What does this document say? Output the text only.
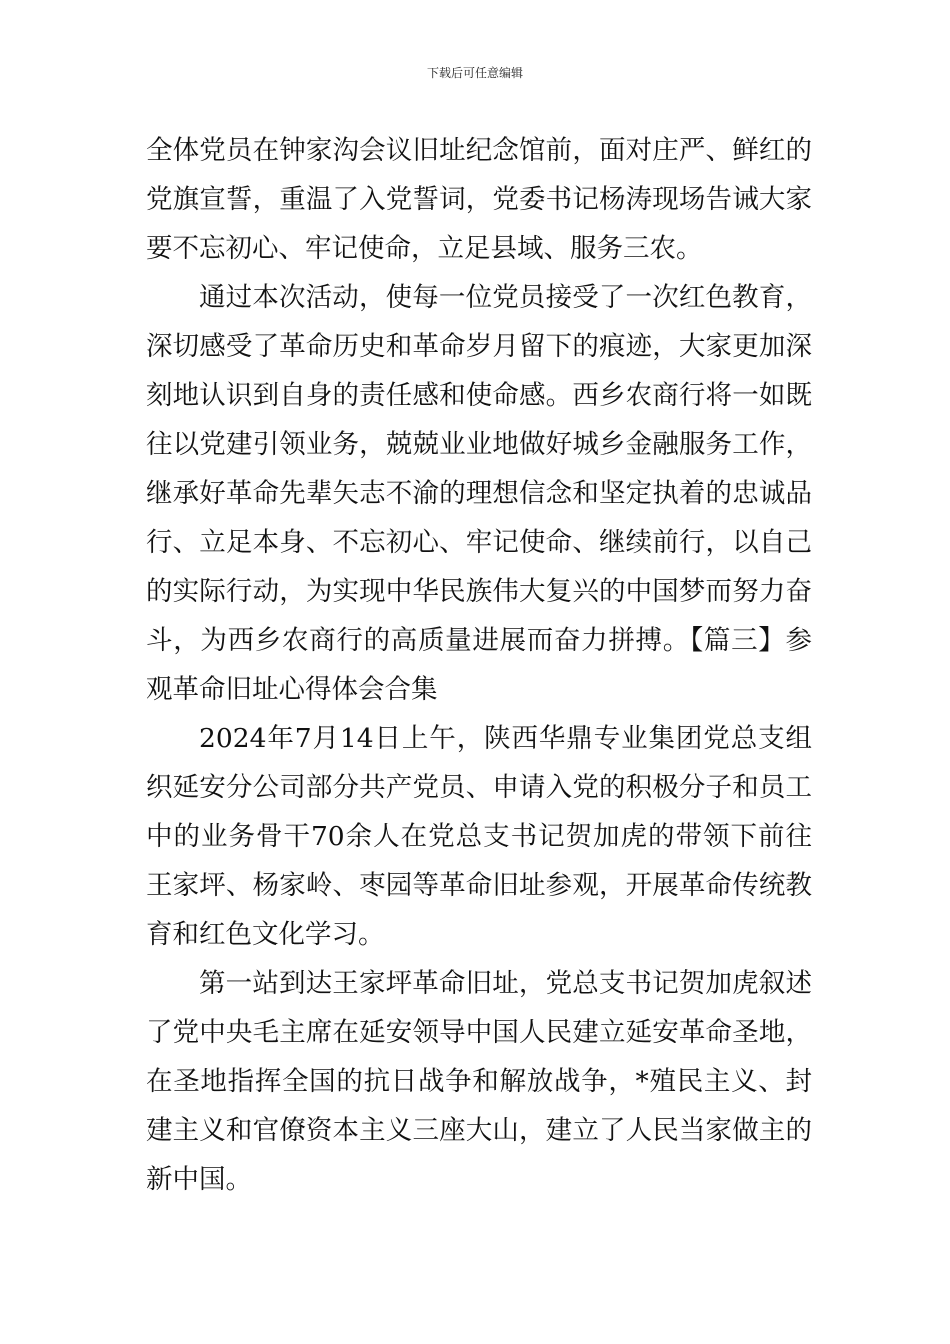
下载后可任意编辑

全体党员在钟家沟会议旧址纪念馆前，面对庄严、鲜红的党旗宣誓，重温了入党誓词，党委书记杨涛现场告诫大家要不忘初心、牢记使命，立足县域、服务三农。

通过本次活动，使每一位党员接受了一次红色教育，深切感受了革命历史和革命岁月留下的痕迹，大家更加深刻地认识到自身的责任感和使命感。西乡农商行将一如既往以党建引领业务，兢兢业业地做好城乡金融服务工作，继承好革命先辈矢志不渝的理想信念和坚定执着的忠诚品行、立足本身、不忘初心、牢记使命、继续前行，以自己的实际行动，为实现中华民族伟大复兴的中国梦而努力奋斗，为西乡农商行的高质量进展而奋力拼搏。【篇三】参观革命旧址心得体会合集

2024年7月14日上午，陕西华鼎专业集团党总支组织延安分公司部分共产党员、申请入党的积极分子和员工中的业务骨干70余人在党总支书记贺加虎的带领下前往王家坪、杨家岭、枣园等革命旧址参观，开展革命传统教育和红色文化学习。

第一站到达王家坪革命旧址，党总支书记贺加虎叙述了党中央毛主席在延安领导中国人民建立延安革命圣地，在圣地指挥全国的抗日战争和解放战争，*殖民主义、封建主义和官僚资本主义三座大山，建立了人民当家做主的新中国。
